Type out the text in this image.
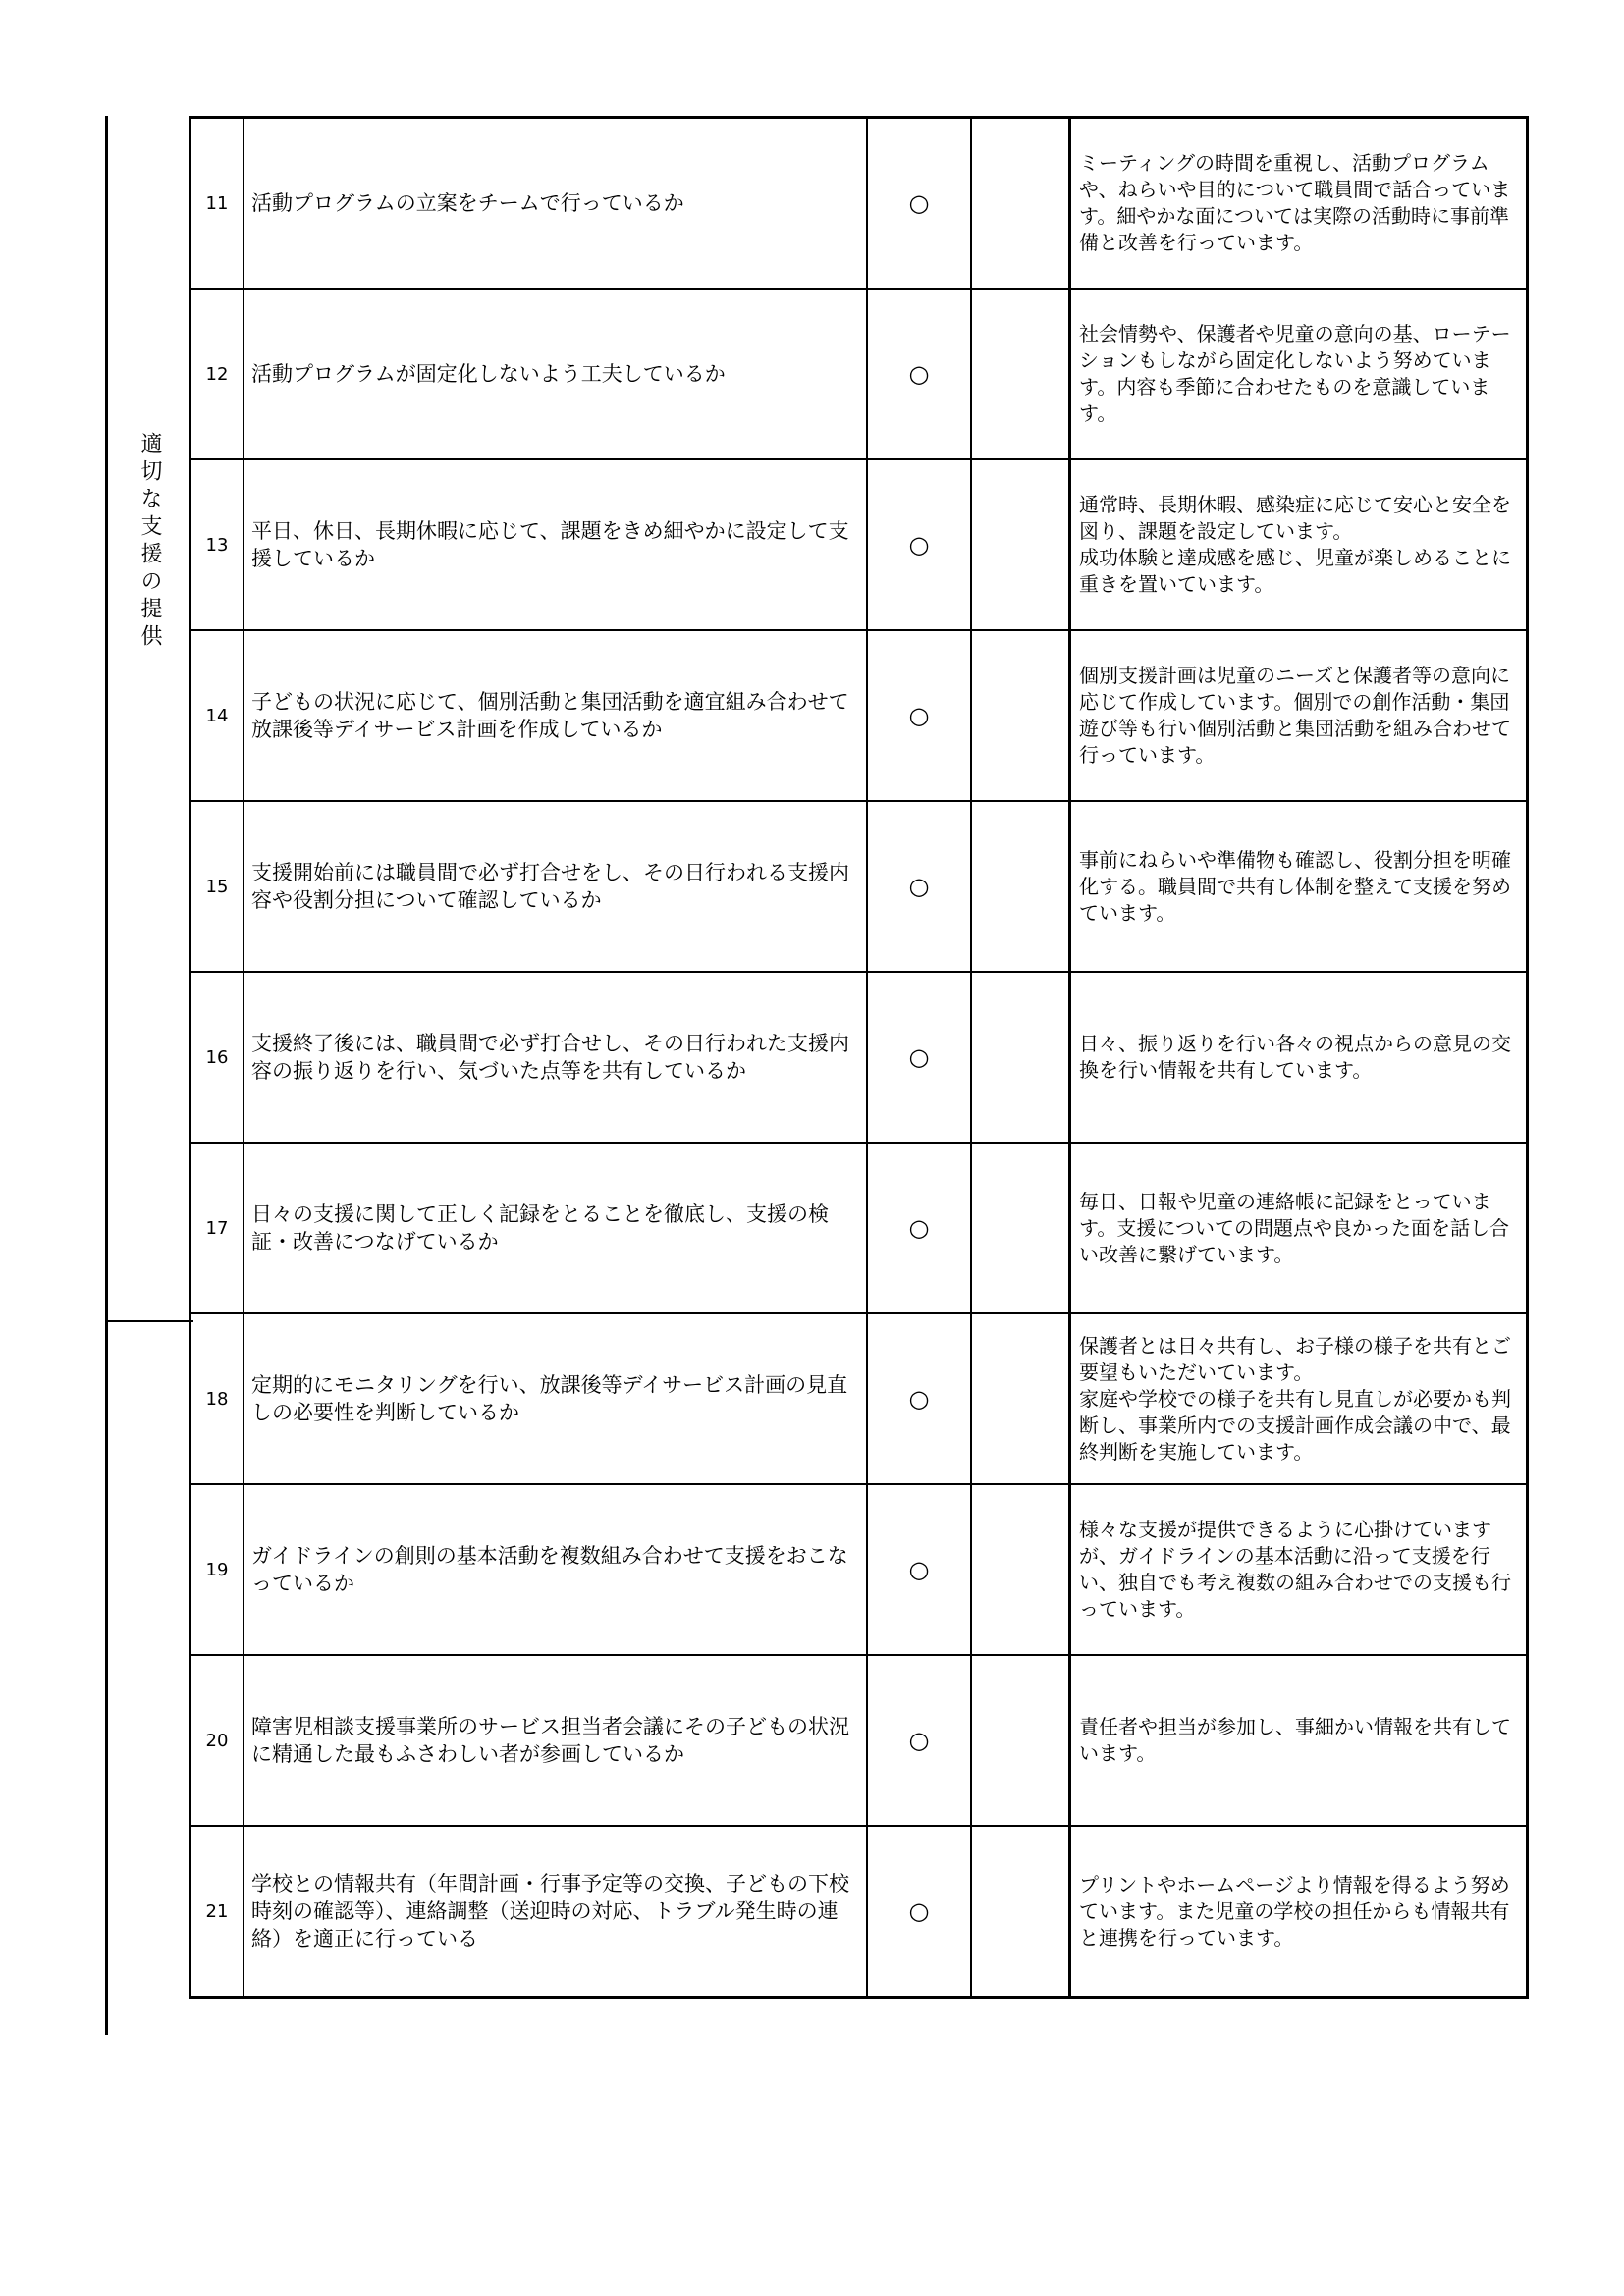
適切な支援の提供
11	活動プログラムの立案をチームで行っているか	○		ミーティングの時間を重視し、活動プログラムや、ねらいや目的について職員間で話合っています。細やかな面については実際の活動時に事前準備と改善を行っています。
12	活動プログラムが固定化しないよう工夫しているか	○		社会情勢や、保護者や児童の意向の基、ローテーションもしながら固定化しないよう努めています。内容も季節に合わせたものを意識しています。
13	平日、休日、長期休暇に応じて、課題をきめ細やかに設定して支援しているか	○		通常時、長期休暇、感染症に応じて安心と安全を図り、課題を設定しています。
成功体験と達成感を感じ、児童が楽しめることに重きを置いています。
14	子どもの状況に応じて、個別活動と集団活動を適宜組み合わせて放課後等デイサービス計画を作成しているか	○		個別支援計画は児童のニーズと保護者等の意向に応じて作成しています。個別での創作活動・集団遊び等も行い個別活動と集団活動を組み合わせて行っています。
15	支援開始前には職員間で必ず打合せをし、その日行われる支援内容や役割分担について確認しているか	○		事前にねらいや準備物も確認し、役割分担を明確化する。職員間で共有し体制を整えて支援を努めています。
16	支援終了後には、職員間で必ず打合せし、その日行われた支援内容の振り返りを行い、気づいた点等を共有しているか	○		日々、振り返りを行い各々の視点からの意見の交換を行い情報を共有しています。
17	日々の支援に関して正しく記録をとることを徹底し、支援の検証・改善につなげているか	○		毎日、日報や児童の連絡帳に記録をとっています。支援についての問題点や良かった面を話し合い改善に繋げています。
18	定期的にモニタリングを行い、放課後等デイサービス計画の見直しの必要性を判断しているか	○		保護者とは日々共有し、お子様の様子を共有とご要望もいただいています。
家庭や学校での様子を共有し見直しが必要かも判断し、事業所内での支援計画作成会議の中で、最終判断を実施しています。
19	ガイドラインの創則の基本活動を複数組み合わせて支援をおこなっているか	○		様々な支援が提供できるように心掛けていますが、ガイドラインの基本活動に沿って支援を行い、独自でも考え複数の組み合わせでの支援も行っています。
20	障害児相談支援事業所のサービス担当者会議にその子どもの状況に精通した最もふさわしい者が参画しているか	○		責任者や担当が参加し、事細かい情報を共有しています。
21	学校との情報共有（年間計画・行事予定等の交換、子どもの下校時刻の確認等）、連絡調整（送迎時の対応、トラブル発生時の連絡）を適正に行っている	○		プリントやホームページより情報を得るよう努めています。また児童の学校の担任からも情報共有と連携を行っています。
